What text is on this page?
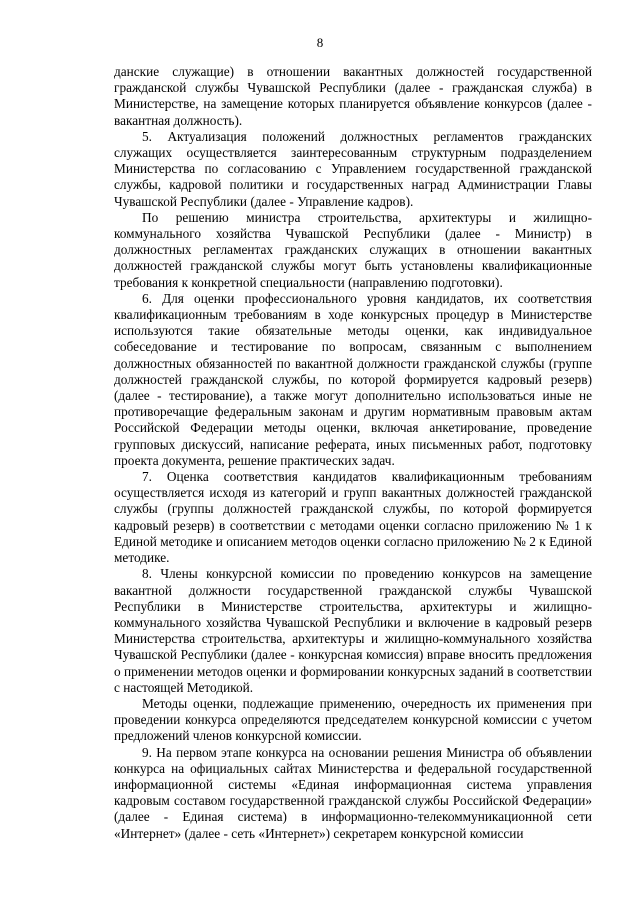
8

данские служащие) в отношении вакантных должностей государственной гражданской службы Чувашской Республики (далее - гражданская служба) в Министерстве, на замещение которых планируется объявление конкурсов (далее - вакантная должность).

5. Актуализация положений должностных регламентов гражданских служащих осуществляется заинтересованным структурным подразделением Министерства по согласованию с Управлением государственной гражданской службы, кадровой политики и государственных наград Администрации Главы Чувашской Республики (далее - Управление кадров).

По решению министра строительства, архитектуры и жилищно-коммунального хозяйства Чувашской Республики (далее - Министр) в должностных регламентах гражданских служащих в отношении вакантных должностей гражданской службы могут быть установлены квалификационные требования к конкретной специальности (направлению подготовки).

6. Для оценки профессионального уровня кандидатов, их соответствия квалификационным требованиям в ходе конкурсных процедур в Министерстве используются такие обязательные методы оценки, как индивидуальное собеседование и тестирование по вопросам, связанным с выполнением должностных обязанностей по вакантной должности гражданской службы (группе должностей гражданской службы, по которой формируется кадровый резерв) (далее - тестирование), а также могут дополнительно использоваться иные не противоречащие федеральным законам и другим нормативным правовым актам Российской Федерации методы оценки, включая анкетирование, проведение групповых дискуссий, написание реферата, иных письменных работ, подготовку проекта документа, решение практических задач.

7. Оценка соответствия кандидатов квалификационным требованиям осуществляется исходя из категорий и групп вакантных должностей гражданской службы (группы должностей гражданской службы, по которой формируется кадровый резерв) в соответствии с методами оценки согласно приложению № 1 к Единой методике и описанием методов оценки согласно приложению № 2 к Единой методике.

8. Члены конкурсной комиссии по проведению конкурсов на замещение вакантной должности государственной гражданской службы Чувашской Республики в Министерстве строительства, архитектуры и жилищно-коммунального хозяйства Чувашской Республики и включение в кадровый резерв Министерства строительства, архитектуры и жилищно-коммунального хозяйства Чувашской Республики (далее - конкурсная комиссия) вправе вносить предложения о применении методов оценки и формировании конкурсных заданий в соответствии с настоящей Методикой.

Методы оценки, подлежащие применению, очередность их применения при проведении конкурса определяются председателем конкурсной комиссии с учетом предложений членов конкурсной комиссии.

9. На первом этапе конкурса на основании решения Министра об объявлении конкурса на официальных сайтах Министерства и федеральной государственной информационной системы «Единая информационная система управления кадровым составом государственной гражданской службы Российской Федерации» (далее - Единая система) в информационно-телекоммуникационной сети «Интернет» (далее - сеть «Интернет») секретарем конкурсной комиссии
